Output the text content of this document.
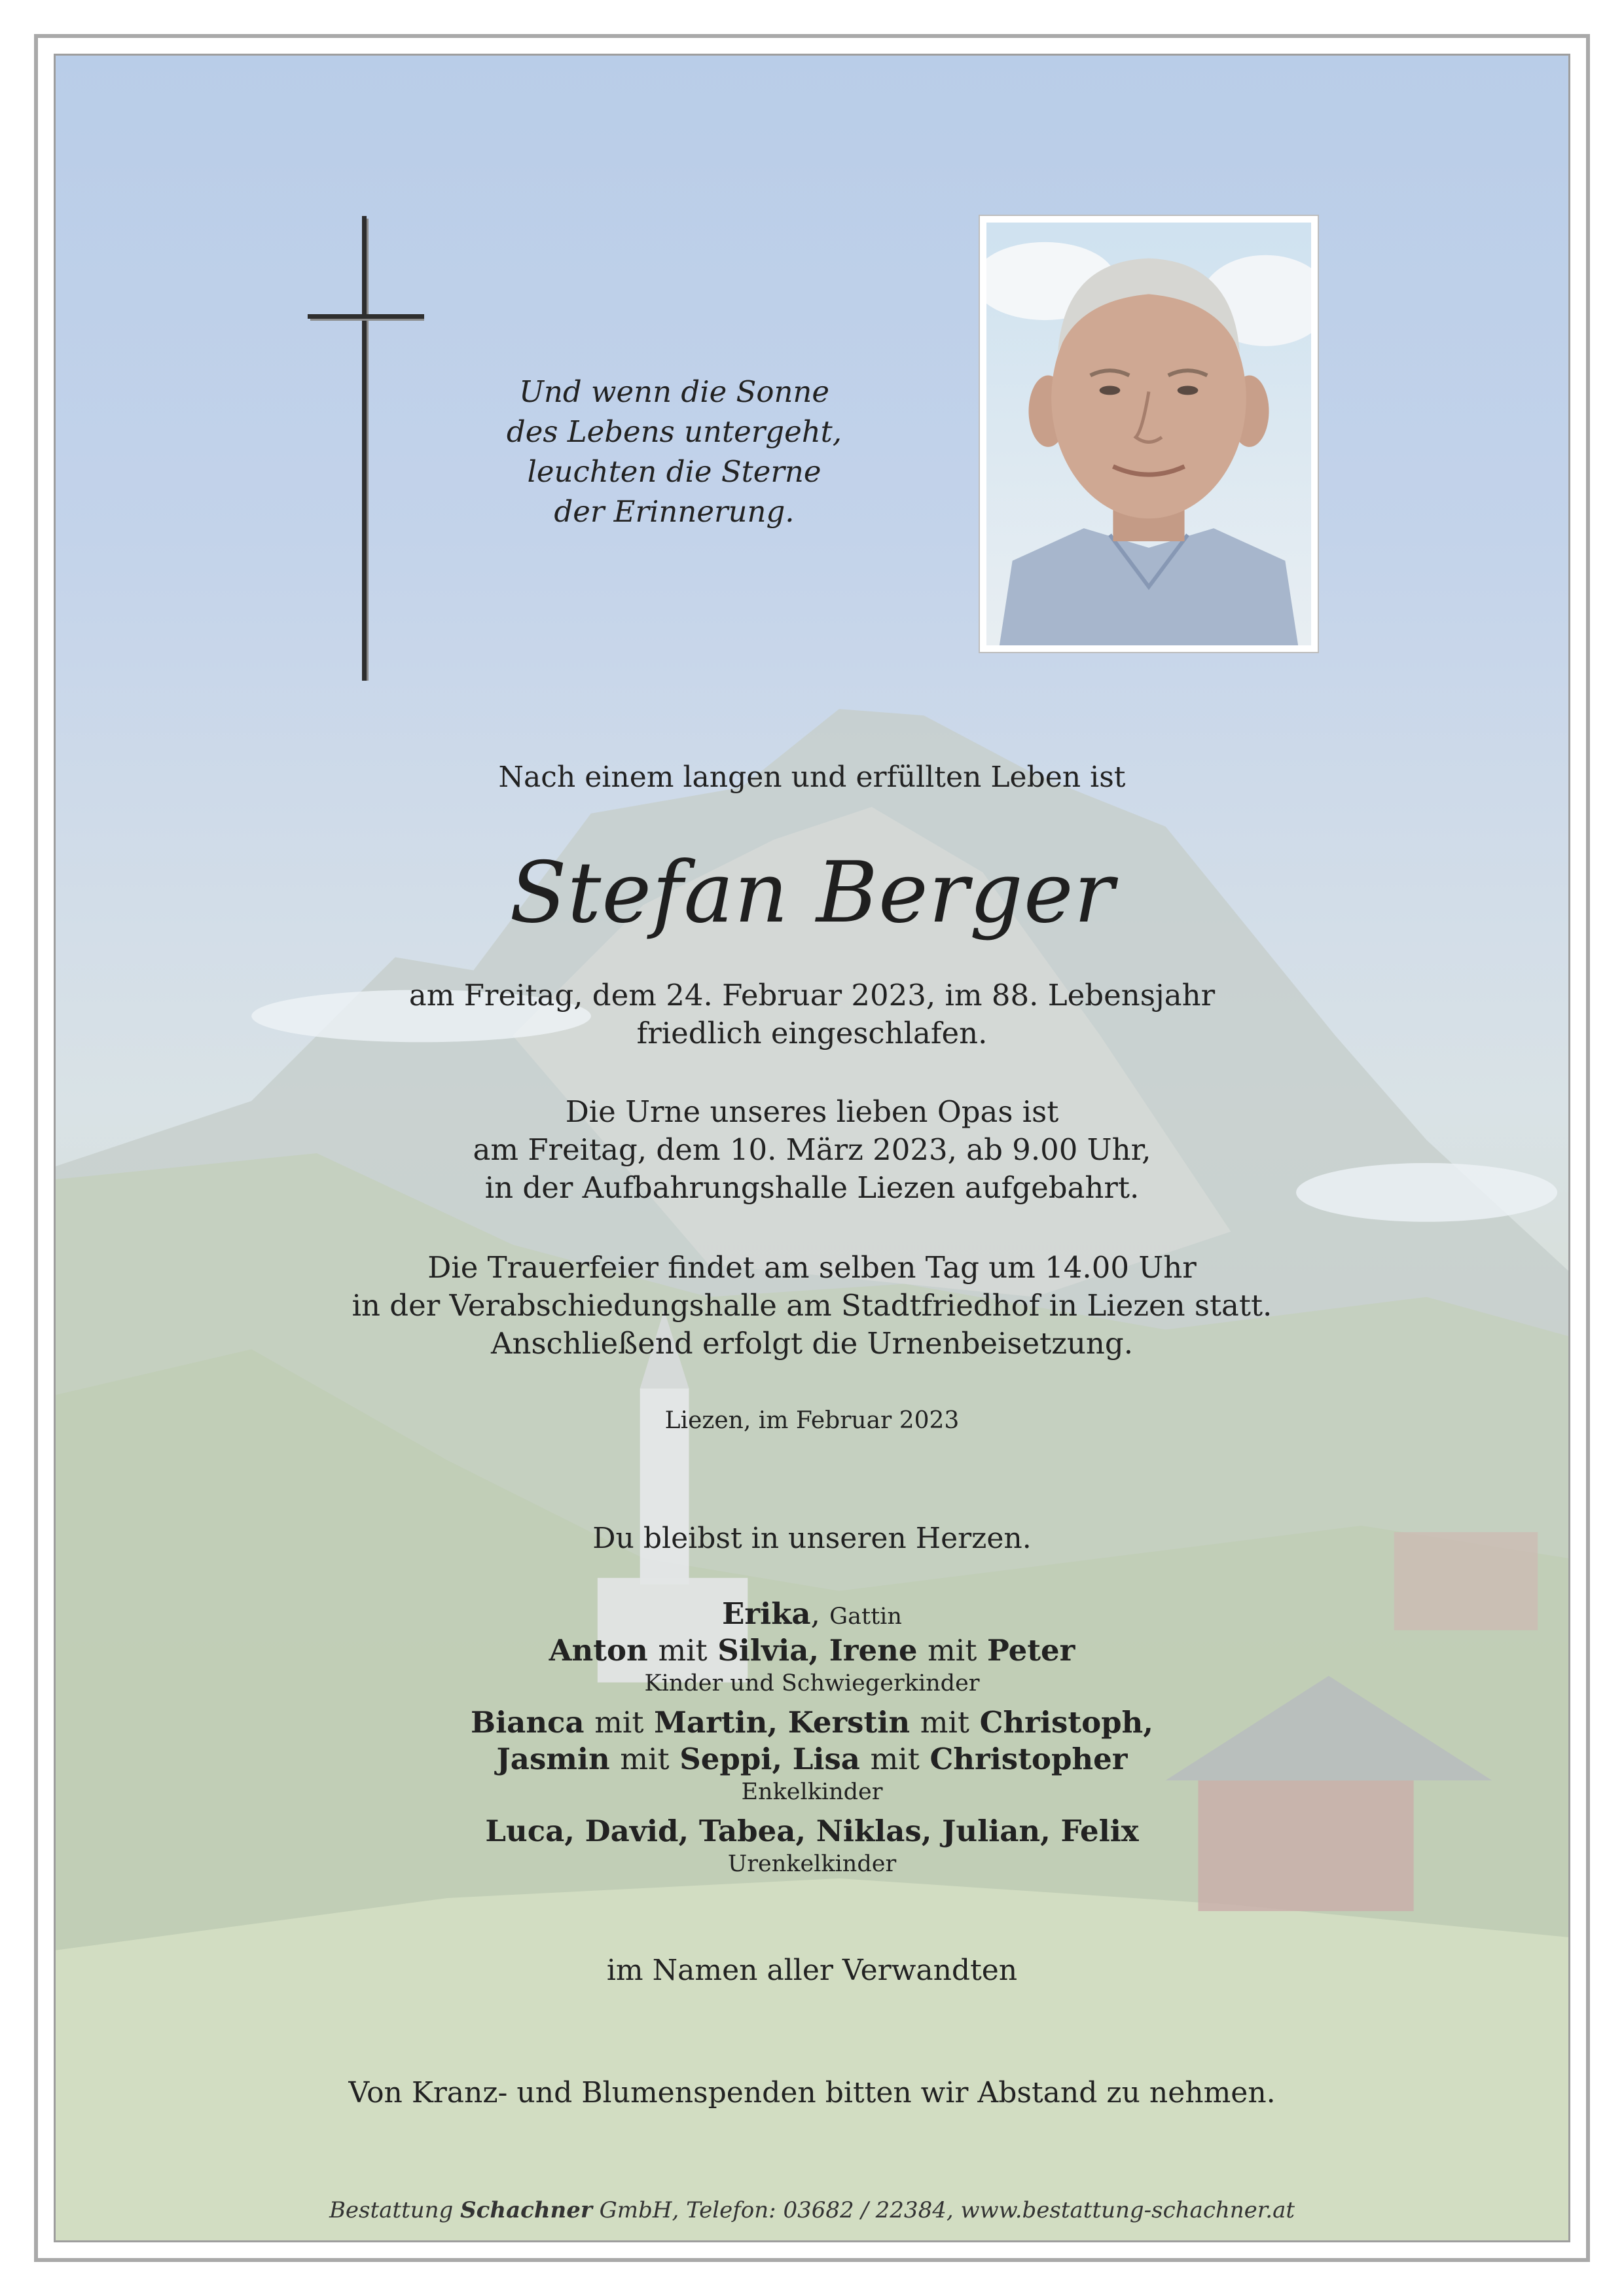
Und wenn die Sonne
des Lebens untergeht,
leuchten die Sterne
der Erinnerung.
Nach einem langen und erfüllten Leben ist
Stefan Berger
am Freitag, dem 24. Februar 2023, im 88. Lebensjahr
friedlich eingeschlafen.
Die Urne unseres lieben Opas ist
am Freitag, dem 10. März 2023, ab 9.00 Uhr,
in der Aufbahrungshalle Liezen aufgebahrt.
Die Trauerfeier findet am selben Tag um 14.00 Uhr
in der Verabschiedungshalle am Stadtfriedhof in Liezen statt.
Anschließend erfolgt die Urnenbeisetzung.
Liezen, im Februar 2023
Du bleibst in unseren Herzen.
Erika, Gattin
Anton mit Silvia, Irene mit Peter
Kinder und Schwiegerkinder
Bianca mit Martin, Kerstin mit Christoph,
Jasmin mit Seppi, Lisa mit Christopher
Enkelkinder
Luca, David, Tabea, Niklas, Julian, Felix
Urenkelkinder
im Namen aller Verwandten
Von Kranz- und Blumenspenden bitten wir Abstand zu nehmen.
Bestattung Schachner GmbH, Telefon: 03682 / 22384, www.bestattung-schachner.at
